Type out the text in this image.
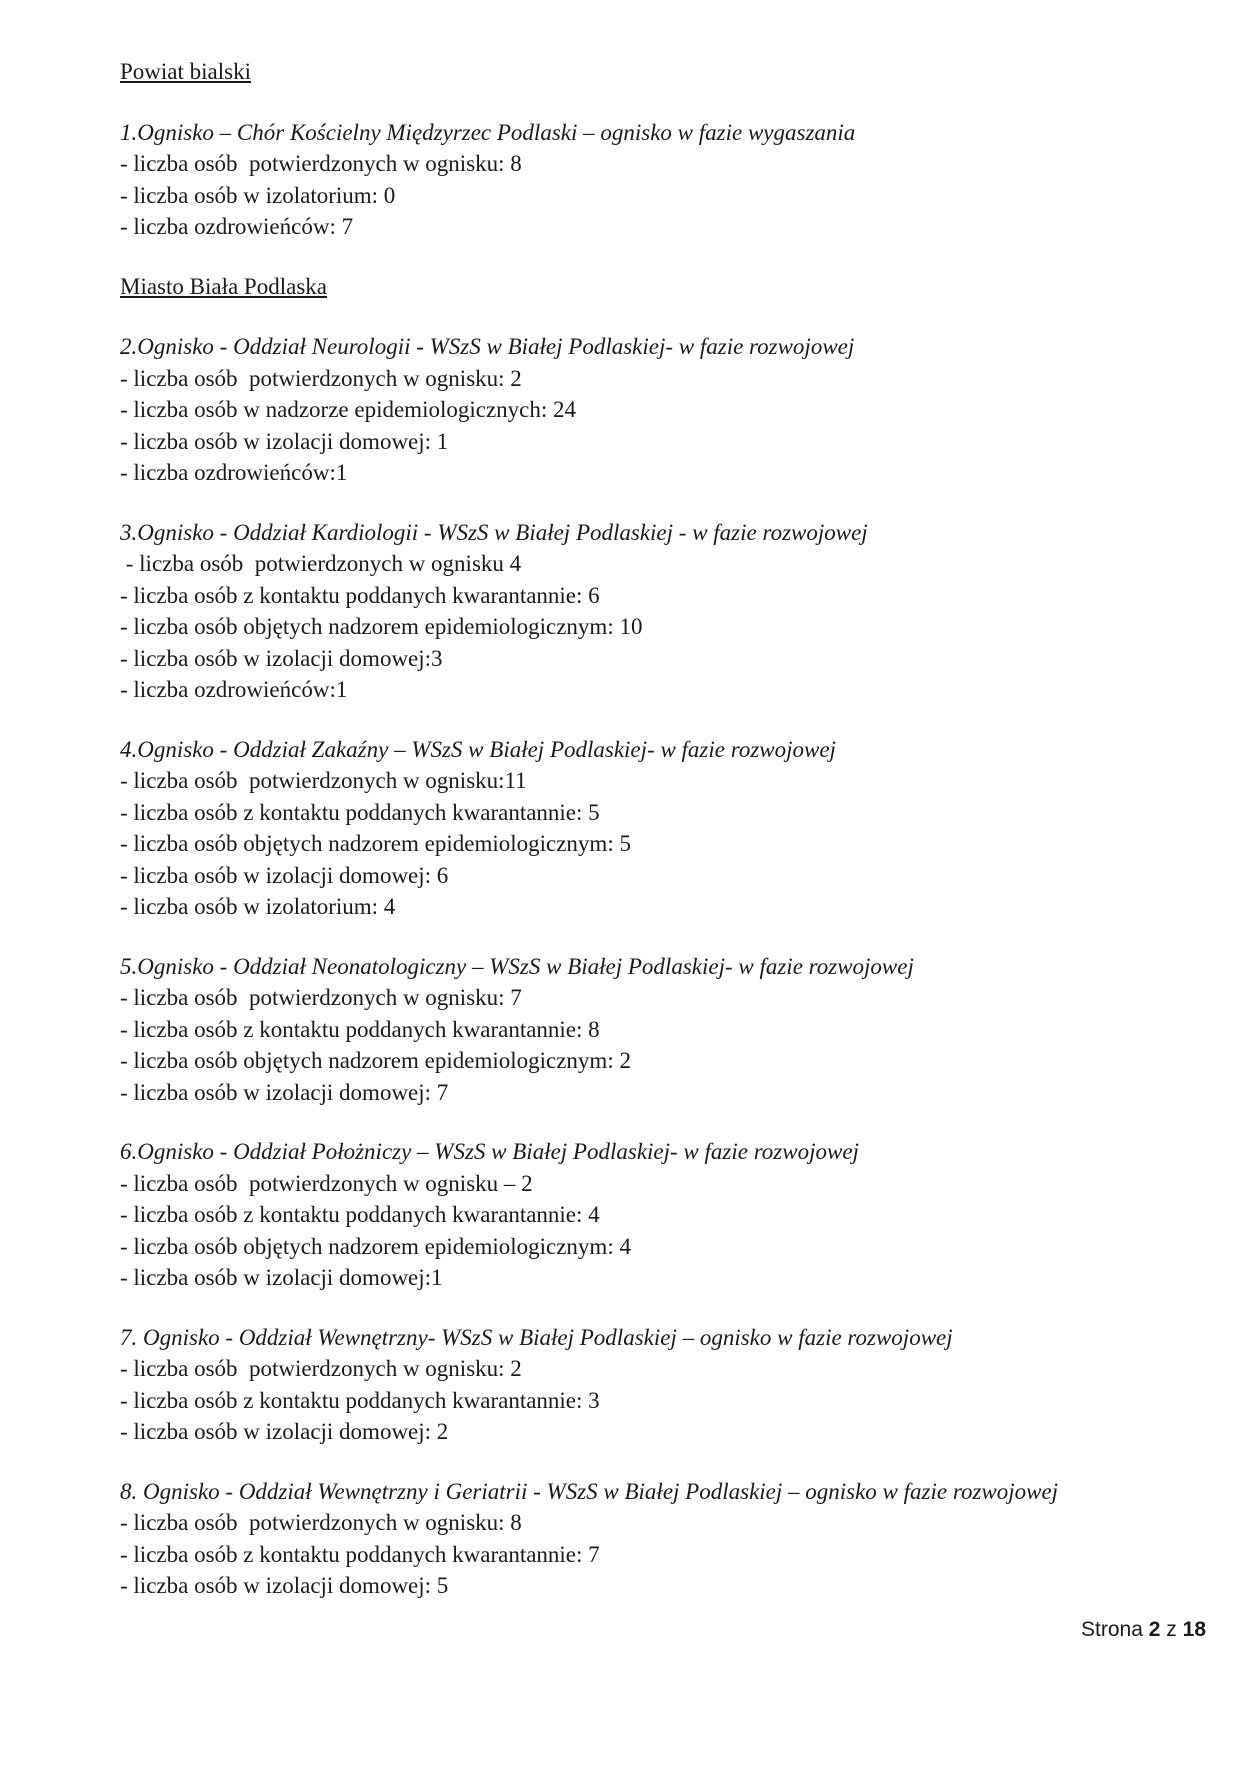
Powiat bialski

1.Ognisko – Chór Kościelny Międzyrzec Podlaski – ognisko w fazie wygaszania

- liczba osób  potwierdzonych w ognisku: 8

- liczba osób w izolatorium: 0

- liczba ozdrowieńców: 7

Miasto Biała Podlaska

2.Ognisko - Oddział Neurologii - WSzS w Białej Podlaskiej- w fazie rozwojowej

- liczba osób  potwierdzonych w ognisku: 2

- liczba osób w nadzorze epidemiologicznych: 24

- liczba osób w izolacji domowej: 1

- liczba ozdrowieńców:1

3.Ognisko - Oddział Kardiologii - WSzS w Białej Podlaskiej - w fazie rozwojowej

- liczba osób  potwierdzonych w ognisku 4

- liczba osób z kontaktu poddanych kwarantannie: 6

- liczba osób objętych nadzorem epidemiologicznym: 10

- liczba osób w izolacji domowej:3

- liczba ozdrowieńców:1

4.Ognisko - Oddział Zakaźny – WSzS w Białej Podlaskiej- w fazie rozwojowej

- liczba osób  potwierdzonych w ognisku:11

- liczba osób z kontaktu poddanych kwarantannie: 5

- liczba osób objętych nadzorem epidemiologicznym: 5

- liczba osób w izolacji domowej: 6

- liczba osób w izolatorium: 4

5.Ognisko - Oddział Neonatologiczny – WSzS w Białej Podlaskiej- w fazie rozwojowej

- liczba osób  potwierdzonych w ognisku: 7

- liczba osób z kontaktu poddanych kwarantannie: 8

- liczba osób objętych nadzorem epidemiologicznym: 2

- liczba osób w izolacji domowej: 7

6.Ognisko - Oddział Położniczy – WSzS w Białej Podlaskiej- w fazie rozwojowej

- liczba osób  potwierdzonych w ognisku – 2

- liczba osób z kontaktu poddanych kwarantannie: 4

- liczba osób objętych nadzorem epidemiologicznym: 4

- liczba osób w izolacji domowej:1

7. Ognisko - Oddział Wewnętrzny- WSzS w Białej Podlaskiej – ognisko w fazie rozwojowej

- liczba osób  potwierdzonych w ognisku: 2

- liczba osób z kontaktu poddanych kwarantannie: 3

- liczba osób w izolacji domowej: 2

8. Ognisko - Oddział Wewnętrzny i Geriatrii - WSzS w Białej Podlaskiej – ognisko w fazie rozwojowej

- liczba osób  potwierdzonych w ognisku: 8

- liczba osób z kontaktu poddanych kwarantannie: 7

- liczba osób w izolacji domowej: 5

Strona 2 z 18
